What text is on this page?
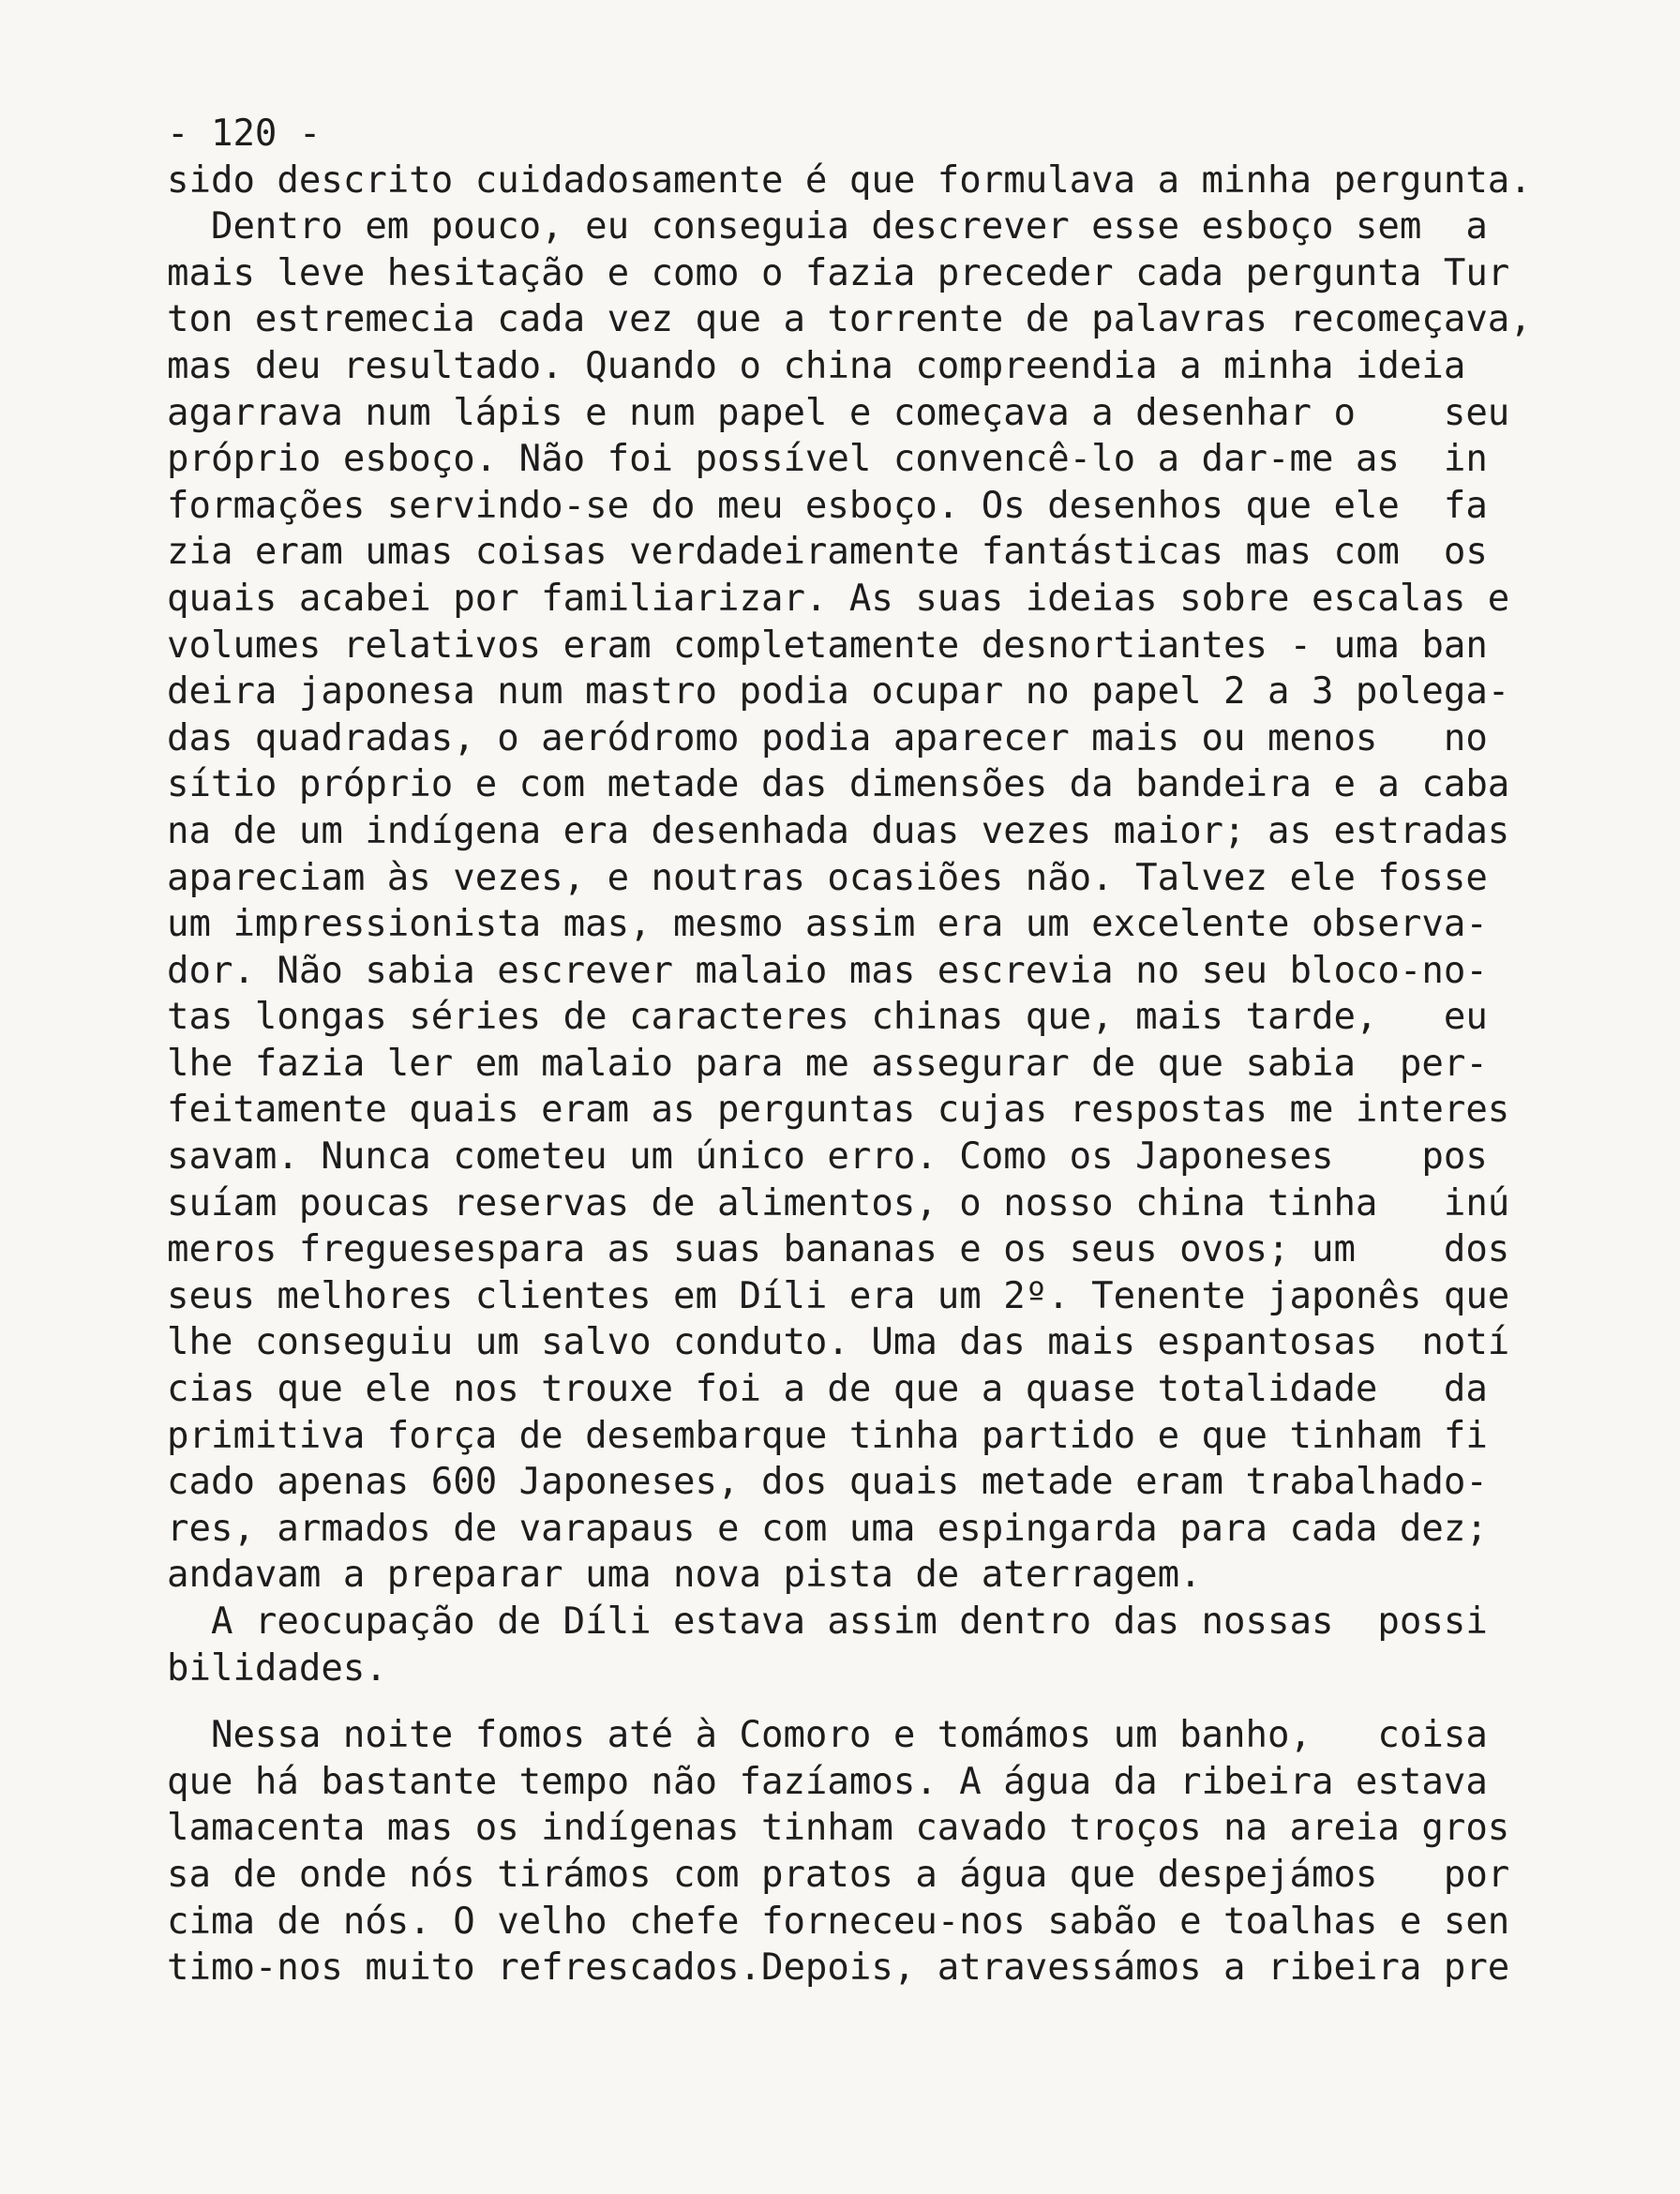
- 120 -
sido descrito cuidadosamente é que formulava a minha pergunta.
Dentro em pouco, eu conseguia descrever esse esboço sem  a
mais leve hesitação e como o fazia preceder cada pergunta Tur
ton estremecia cada vez que a torrente de palavras recomeçava,
mas deu resultado. Quando o china compreendia a minha ideia
agarrava num lápis e num papel e começava a desenhar o    seu
próprio esboço. Não foi possível convencê-lo a dar-me as  in
formações servindo-se do meu esboço. Os desenhos que ele  fa
zia eram umas coisas verdadeiramente fantásticas mas com  os
quais acabei por familiarizar. As suas ideias sobre escalas e
volumes relativos eram completamente desnortiantes - uma ban
deira japonesa num mastro podia ocupar no papel 2 a 3 polega-
das quadradas, o aeródromo podia aparecer mais ou menos   no
sítio próprio e com metade das dimensões da bandeira e a caba
na de um indígena era desenhada duas vezes maior; as estradas
apareciam às vezes, e noutras ocasiões não. Talvez ele fosse
um impressionista mas, mesmo assim era um excelente observa-
dor. Não sabia escrever malaio mas escrevia no seu bloco-no-
tas longas séries de caracteres chinas que, mais tarde,   eu
lhe fazia ler em malaio para me assegurar de que sabia  per-
feitamente quais eram as perguntas cujas respostas me interes
savam. Nunca cometeu um único erro. Como os Japoneses    pos
suíam poucas reservas de alimentos, o nosso china tinha   inú
meros freguesespara as suas bananas e os seus ovos; um    dos
seus melhores clientes em Díli era um 2º. Tenente japonês que
lhe conseguiu um salvo conduto. Uma das mais espantosas  notí
cias que ele nos trouxe foi a de que a quase totalidade   da
primitiva força de desembarque tinha partido e que tinham fi
cado apenas 600 Japoneses, dos quais metade eram trabalhado-
res, armados de varapaus e com uma espingarda para cada dez;
andavam a preparar uma nova pista de aterragem.
A reocupação de Díli estava assim dentro das nossas  possi
bilidades.
Nessa noite fomos até à Comoro e tomámos um banho,   coisa
que há bastante tempo não fazíamos. A água da ribeira estava
lamacenta mas os indígenas tinham cavado troços na areia gros
sa de onde nós tirámos com pratos a água que despejámos   por
cima de nós. O velho chefe forneceu-nos sabão e toalhas e sen
timo-nos muito refrescados.Depois, atravessámos a ribeira pre
